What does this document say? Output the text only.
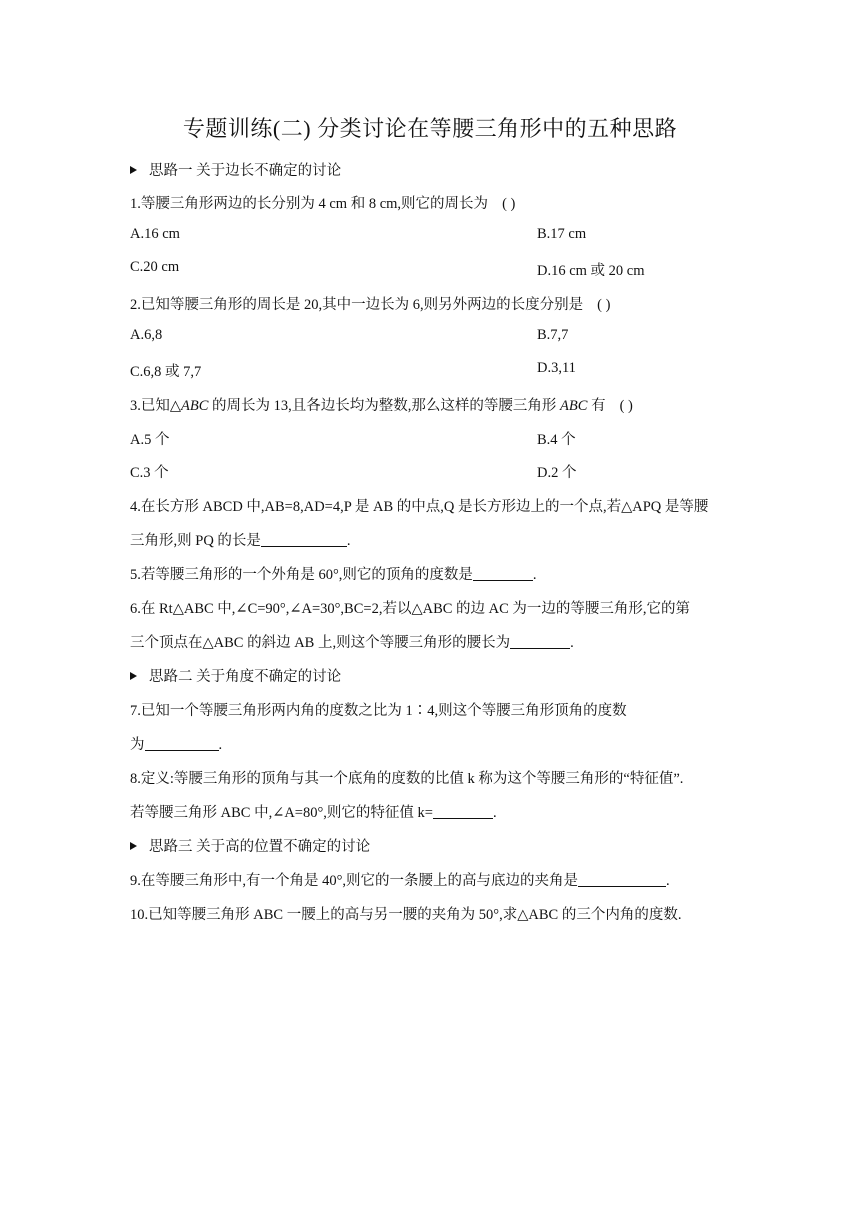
专题训练(二) 分类讨论在等腰三角形中的五种思路
思路一 关于边长不确定的讨论
1.等腰三角形两边的长分别为 4 cm 和 8 cm,则它的周长为 ( )
A.16 cm	B.17 cm
C.20 cm	D.16 cm 或 20 cm
2.已知等腰三角形的周长是 20,其中一边长为 6,则另外两边的长度分别是 ( )
A.6,8	B.7,7
C.6,8 或 7,7	D.3,11
3.已知△ABC 的周长为 13,且各边长均为整数,那么这样的等腰三角形 ABC 有 ( )
A.5 个	B.4 个
C.3 个	D.2 个
4.在长方形 ABCD 中,AB=8,AD=4,P 是 AB 的中点,Q 是长方形边上的一个点,若△APQ 是等腰
三角形,则 PQ 的长是	.
5.若等腰三角形的一个外角是 60°,则它的顶角的度数是	.
6.在 Rt△ABC 中,∠C=90°,∠A=30°,BC=2,若以△ABC 的边 AC 为一边的等腰三角形,它的第
三个顶点在△ABC 的斜边 AB 上,则这个等腰三角形的腰长为	.
思路二 关于角度不确定的讨论
7.已知一个等腰三角形两内角的度数之比为 1∶4,则这个等腰三角形顶角的度数
为	.
8.定义:等腰三角形的顶角与其一个底角的度数的比值 k 称为这个等腰三角形的“特征值”.
若等腰三角形 ABC 中,∠A=80°,则它的特征值 k=	.
思路三 关于高的位置不确定的讨论
9.在等腰三角形中,有一个角是 40°,则它的一条腰上的高与底边的夹角是	.
10.已知等腰三角形 ABC 一腰上的高与另一腰的夹角为 50°,求△ABC 的三个内角的度数.
